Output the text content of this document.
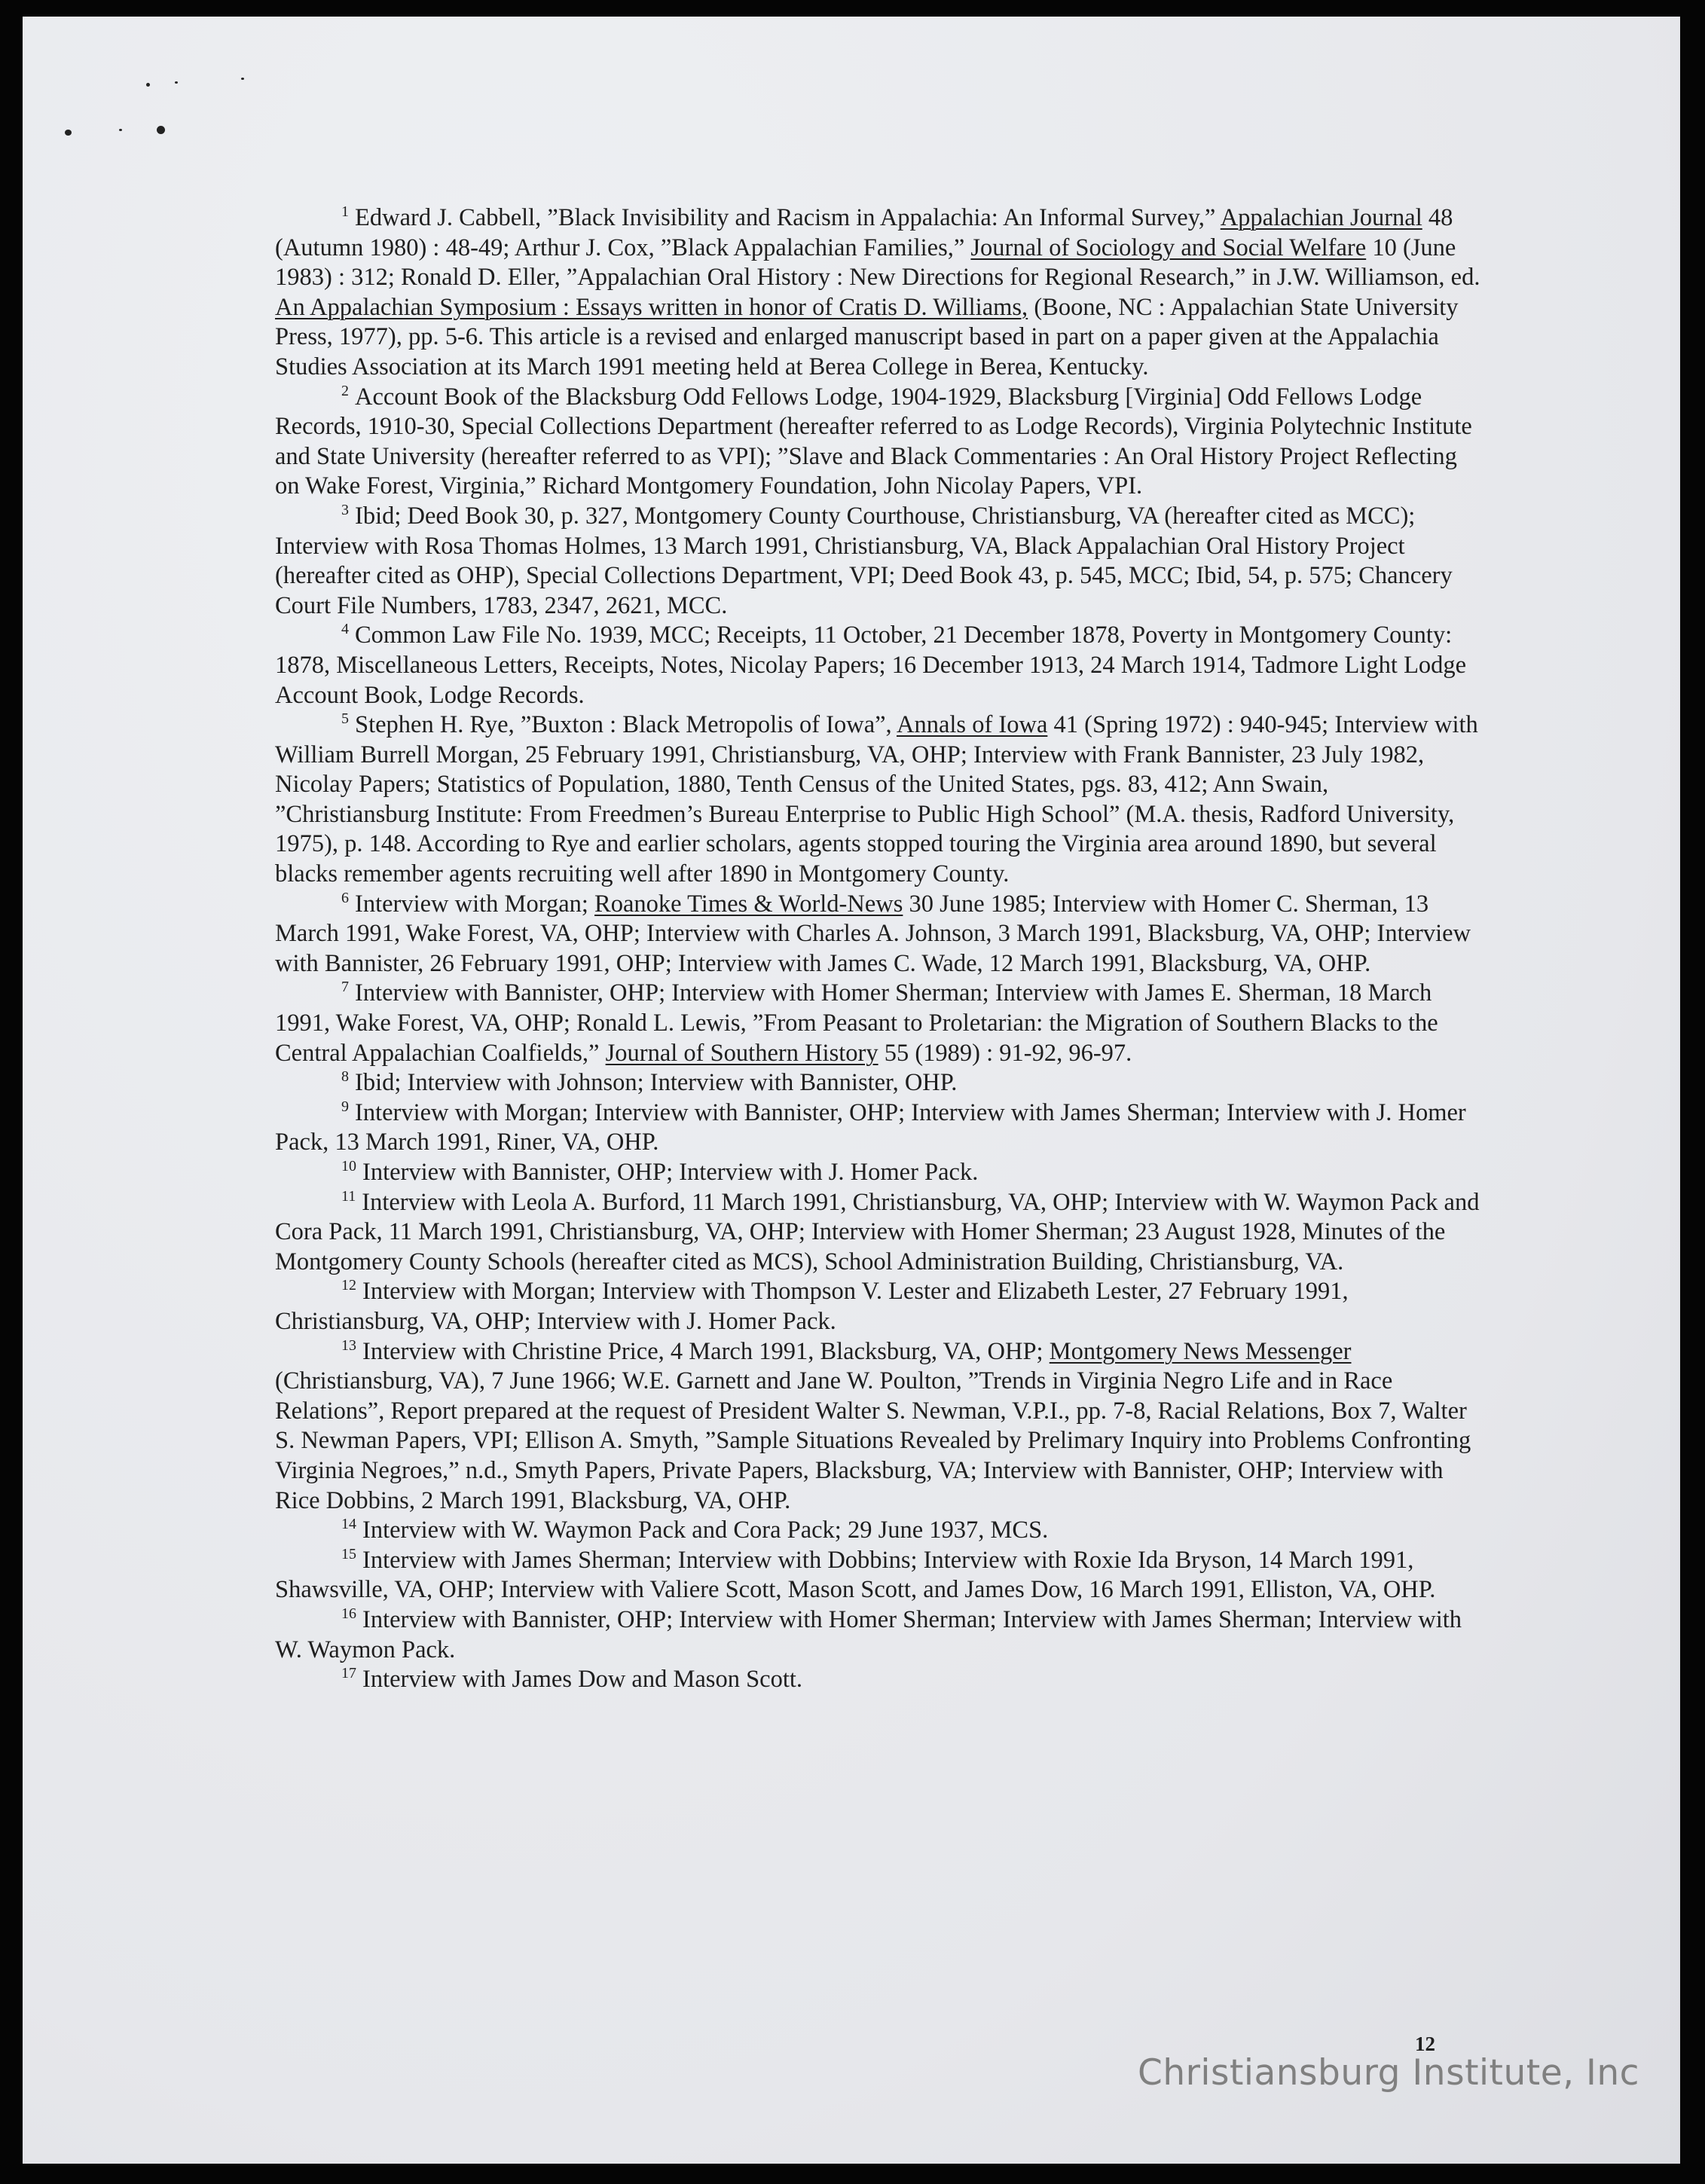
$^1$ Edward J. Cabbell, ”Black Invisibility and Racism in Appalachia: An Informal Survey,” Appalachian Journal 48 (Autumn 1980) : 48-49; Arthur J. Cox, ”Black Appalachian Families,” Journal of Sociology and Social Welfare 10 (June 1983) : 312; Ronald D. Eller, ”Appalachian Oral History : New Directions for Regional Research,” in J.W. Williamson, ed. An Appalachian Symposium : Essays written in honor of Cratis D. Williams, (Boone, NC : Appalachian State University Press, 1977), pp. 5-6. This article is a revised and enlarged manuscript based in part on a paper given at the Appalachia Studies Association at its March 1991 meeting held at Berea College in Berea, Kentucky.

$^2$ Account Book of the Blacksburg Odd Fellows Lodge, 1904-1929, Blacksburg [Virginia] Odd Fellows Lodge Records, 1910-30, Special Collections Department (hereafter referred to as Lodge Records), Virginia Polytechnic Institute and State University (hereafter referred to as VPI); ”Slave and Black Commentaries : An Oral History Project Reflecting on Wake Forest, Virginia,” Richard Montgomery Foundation, John Nicolay Papers, VPI.

$^3$ Ibid; Deed Book 30, p. 327, Montgomery County Courthouse, Christiansburg, VA (hereafter cited as MCC); Interview with Rosa Thomas Holmes, 13 March 1991, Christiansburg, VA, Black Appalachian Oral History Project (hereafter cited as OHP), Special Collections Department, VPI; Deed Book 43, p. 545, MCC; Ibid, 54, p. 575; Chancery Court File Numbers, 1783, 2347, 2621, MCC.

$^4$ Common Law File No. 1939, MCC; Receipts, 11 October, 21 December 1878, Poverty in Montgomery County: 1878, Miscellaneous Letters, Receipts, Notes, Nicolay Papers; 16 December 1913, 24 March 1914, Tadmore Light Lodge Account Book, Lodge Records.

$^5$ Stephen H. Rye, ”Buxton : Black Metropolis of Iowa”, Annals of Iowa 41 (Spring 1972) : 940-945; Interview with William Burrell Morgan, 25 February 1991, Christiansburg, VA, OHP; Interview with Frank Bannister, 23 July 1982, Nicolay Papers; Statistics of Population, 1880, Tenth Census of the United States, pgs. 83, 412; Ann Swain, ”Christiansburg Institute: From Freedmen’s Bureau Enterprise to Public High School” (M.A. thesis, Radford University, 1975), p. 148. According to Rye and earlier scholars, agents stopped touring the Virginia area around 1890, but several blacks remember agents recruiting well after 1890 in Montgomery County.

$^6$ Interview with Morgan; Roanoke Times & World-News 30 June 1985; Interview with Homer C. Sherman, 13 March 1991, Wake Forest, VA, OHP; Interview with Charles A. Johnson, 3 March 1991, Blacksburg, VA, OHP; Interview with Bannister, 26 February 1991, OHP; Interview with James C. Wade, 12 March 1991, Blacksburg, VA, OHP.

$^7$ Interview with Bannister, OHP; Interview with Homer Sherman; Interview with James E. Sherman, 18 March 1991, Wake Forest, VA, OHP; Ronald L. Lewis, ”From Peasant to Proletarian: the Migration of Southern Blacks to the Central Appalachian Coalfields,” Journal of Southern History 55 (1989) : 91-92, 96-97.

$^8$ Ibid; Interview with Johnson; Interview with Bannister, OHP.

$^9$ Interview with Morgan; Interview with Bannister, OHP; Interview with James Sherman; Interview with J. Homer Pack, 13 March 1991, Riner, VA, OHP.

$^{10}$ Interview with Bannister, OHP; Interview with J. Homer Pack.

$^{11}$ Interview with Leola A. Burford, 11 March 1991, Christiansburg, VA, OHP; Interview with W. Waymon Pack and Cora Pack, 11 March 1991, Christiansburg, VA, OHP; Interview with Homer Sherman; 23 August 1928, Minutes of the Montgomery County Schools (hereafter cited as MCS), School Administration Building, Christiansburg, VA.

$^{12}$ Interview with Morgan; Interview with Thompson V. Lester and Elizabeth Lester, 27 February 1991, Christiansburg, VA, OHP; Interview with J. Homer Pack.

$^{13}$ Interview with Christine Price, 4 March 1991, Blacksburg, VA, OHP; Montgomery News Messenger (Christiansburg, VA), 7 June 1966; W.E. Garnett and Jane W. Poulton, ”Trends in Virginia Negro Life and in Race Relations”, Report prepared at the request of President Walter S. Newman, V.P.I., pp. 7-8, Racial Relations, Box 7, Walter S. Newman Papers, VPI; Ellison A. Smyth, ”Sample Situations Revealed by Prelimary Inquiry into Problems Confronting Virginia Negroes,” n.d., Smyth Papers, Private Papers, Blacksburg, VA; Interview with Bannister, OHP; Interview with Rice Dobbins, 2 March 1991, Blacksburg, VA, OHP.

$^{14}$ Interview with W. Waymon Pack and Cora Pack; 29 June 1937, MCS.

$^{15}$ Interview with James Sherman; Interview with Dobbins; Interview with Roxie Ida Bryson, 14 March 1991, Shawsville, VA, OHP; Interview with Valiere Scott, Mason Scott, and James Dow, 16 March 1991, Elliston, VA, OHP.

$^{16}$ Interview with Bannister, OHP; Interview with Homer Sherman; Interview with James Sherman; Interview with W. Waymon Pack.

$^{17}$ Interview with James Dow and Mason Scott.

12
Christiansburg Institute, Inc
